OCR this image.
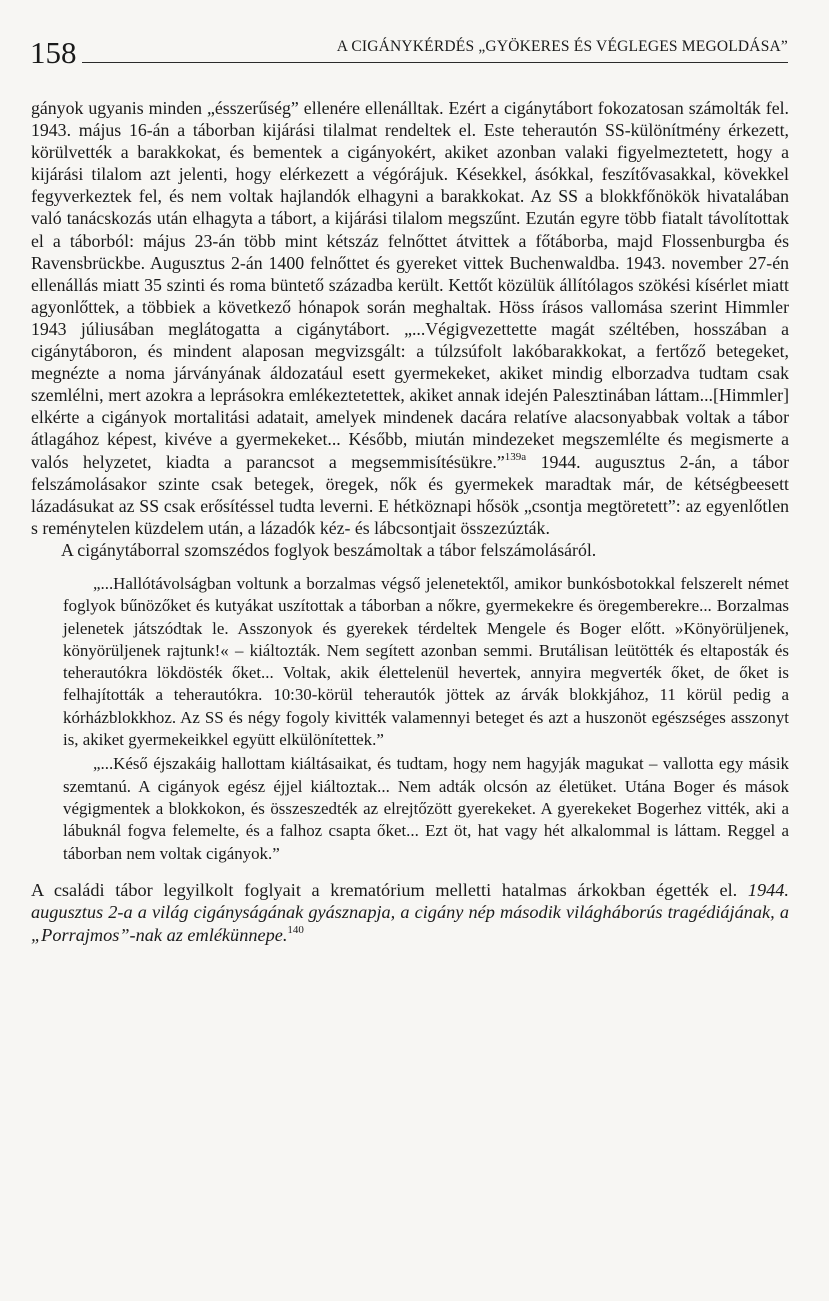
158	A CIGÁNYKÉRDÉS „GYÖKERES ÉS VÉGLEGES MEGOLDÁSA”

gányok ugyanis minden „ésszerűség” ellenére ellenálltak. Ezért a cigánytábort fokozatosan számolták fel. 1943. május 16-án a táborban kijárási tilalmat rendeltek el. Este teherautón SS-különítmény érkezett, körülvették a barakkokat, és bementek a cigányokért, akiket azonban valaki figyelmeztetett, hogy a kijárási tilalom azt jelenti, hogy elérkezett a végórájuk. Késekkel, ásókkal, feszítővasakkal, kövekkel fegyverkeztek fel, és nem voltak hajlandók elhagyni a barakkokat. Az SS a blokkfőnökök hivatalában való tanácskozás után elhagyta a tábort, a kijárási tilalom megszűnt. Ezután egyre több fiatalt távolítottak el a táborból: május 23-án több mint kétszáz felnőttet átvittek a főtáborba, majd Flossenburgba és Ravensbrückbe. Augusztus 2-án 1400 felnőttet és gyereket vittek Buchenwaldba. 1943. november 27-én ellenállás miatt 35 szinti és roma büntető századba került. Kettőt közülük állítólagos szökési kísérlet miatt agyonlőttek, a többiek a következő hónapok során meghaltak. Höss írásos vallomása szerint Himmler 1943 júliusában meglátogatta a cigánytábort. „...Végigvezettette magát széltében, hosszában a cigánytáboron, és mindent alaposan megvizsgált: a túlzsúfolt lakóbarakkokat, a fertőző betegeket, megnézte a noma járványának áldozatául esett gyermekeket, akiket mindig elborzadva tudtam csak szemlélni, mert azokra a leprásokra emlékeztetettek, akiket annak idején Palesztinában láttam...[Himmler] elkérte a cigányok mortalitási adatait, amelyek mindenek dacára relatíve alacsonyabbak voltak a tábor átlagához képest, kivéve a gyermekeket... Később, miután mindezeket megszemlélte és megismerte a valós helyzetet, kiadta a parancsot a megsemmisítésükre.”$^{139a}$ 1944. augusztus 2-án, a tábor felszámolásakor szinte csak betegek, öregek, nők és gyermekek maradtak már, de kétségbeesett lázadásukat az SS csak erősítéssel tudta leverni. E hétköznapi hősök „csontja megtöretett”: az egyenlőtlen s reménytelen küzdelem után, a lázadók kéz- és lábcsontjait összezúzták.

A cigánytáborral szomszédos foglyok beszámoltak a tábor felszámolásáról.

„...Hallótávolságban voltunk a borzalmas végső jelenetektől, amikor bunkósbotokkal felszerelt német foglyok bűnözőket és kutyákat uszítottak a táborban a nőkre, gyermekekre és öregemberekre... Borzalmas jelenetek játszódtak le. Asszonyok és gyerekek térdeltek Mengele és Boger előtt. »Könyörüljenek, könyörüljenek rajtunk!« – kiáltozták. Nem segített azonban semmi. Brutálisan leütötték és eltaposták és teherautókra lökdösték őket... Voltak, akik élettelenül hevertek, annyira megverték őket, de őket is felhajították a teherautókra. 10:30-körül teherautók jöttek az árvák blokkjához, 11 körül pedig a kórházblokkhoz. Az SS és négy fogoly kivitték valamennyi beteget és azt a huszonöt egészséges asszonyt is, akiket gyermekeikkel együtt elkülönítettek.”

„...Késő éjszakáig hallottam kiáltásaikat, és tudtam, hogy nem hagyják magukat – vallotta egy másik szemtanú. A cigányok egész éjjel kiáltoztak... Nem adták olcsón az életüket. Utána Boger és mások végigmentek a blokkokon, és összeszedték az elrejtőzött gyerekeket. A gyerekeket Bogerhez vitték, aki a lábuknál fogva felemelte, és a falhoz csapta őket... Ezt öt, hat vagy hét alkalommal is láttam. Reggel a táborban nem voltak cigányok.”

A családi tábor legyilkolt foglyait a krematórium melletti hatalmas árkokban égették el. 1944. augusztus 2-a a világ cigányságának gyásznapja, a cigány nép második világháborús tragédiájának, a „Porrajmos”-nak az emlékünnepe.$^{140}$
